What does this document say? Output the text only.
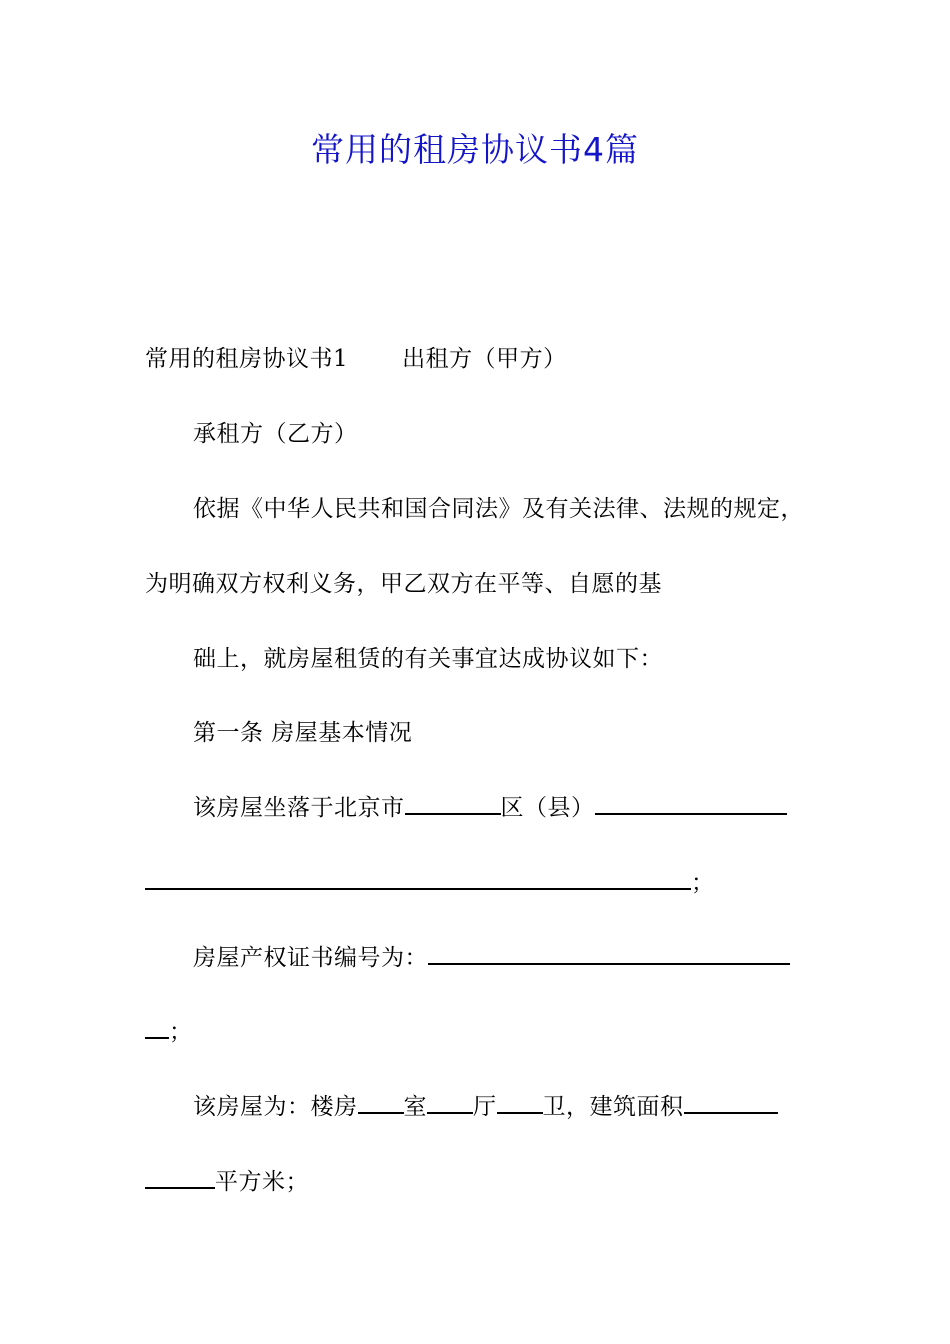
常用的租房协议书4篇
常用的租房协议书1 出租方（甲方）
承租方（乙方）
依据《中华人民共和国合同法》及有关法律、法规的规定，
为明确双方权利义务，甲乙双方在平等、自愿的基
础上，就房屋租赁的有关事宜达成协议如下：
第一条 房屋基本情况
该房屋坐落于北京市	区（县）
；
房屋产权证书编号为：
；
该房屋为：楼房 室 厅 卫，建筑面积
平方米；
